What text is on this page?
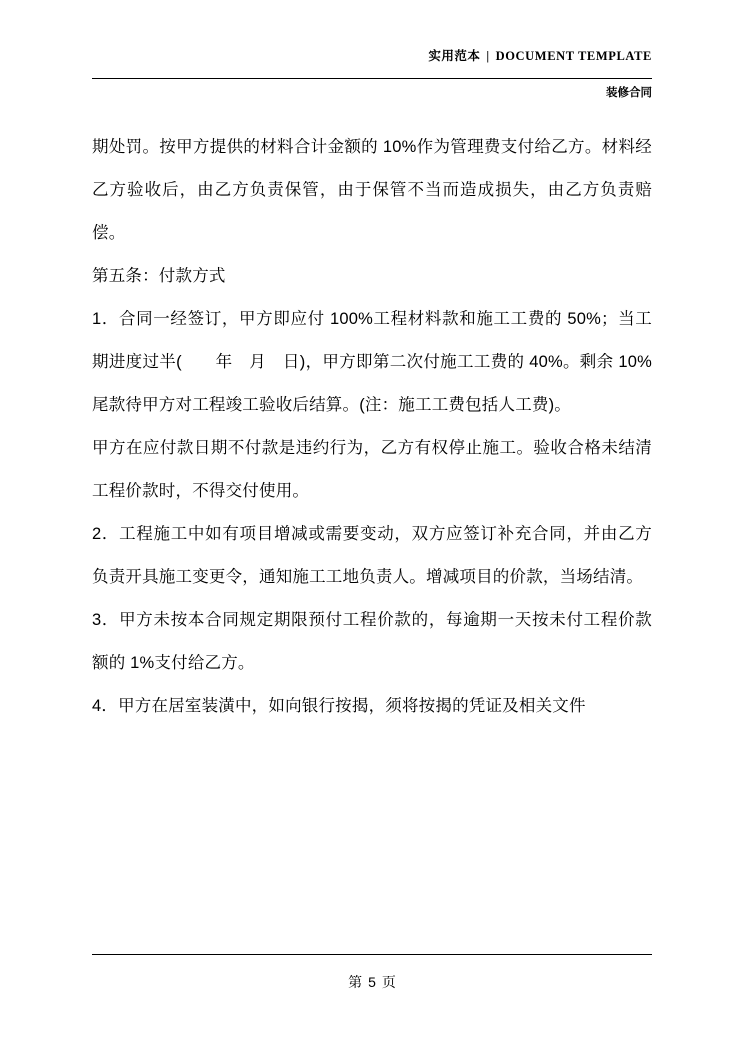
实用范本 | DOCUMENT TEMPLATE
装修合同

期处罚。按甲方提供的材料合计金额的 10%作为管理费支付给乙方。材料经乙方验收后，由乙方负责保管，由于保管不当而造成损失，由乙方负责赔偿。

第五条：付款方式

1．合同一经签订，甲方即应付 100%工程材料款和施工工费的 50%；当工期进度过半(　　年　月　日)，甲方即第二次付施工工费的 40%。剩余 10%尾款待甲方对工程竣工验收后结算。(注：施工工费包括人工费)。

甲方在应付款日期不付款是违约行为，乙方有权停止施工。验收合格未结清工程价款时，不得交付使用。

2．工程施工中如有项目增减或需要变动，双方应签订补充合同，并由乙方负责开具施工变更令，通知施工工地负责人。增减项目的价款，当场结清。

3．甲方未按本合同规定期限预付工程价款的，每逾期一天按未付工程价款额的 1%支付给乙方。

4．甲方在居室装潢中，如向银行按揭，须将按揭的凭证及相关文件

第 5 页
